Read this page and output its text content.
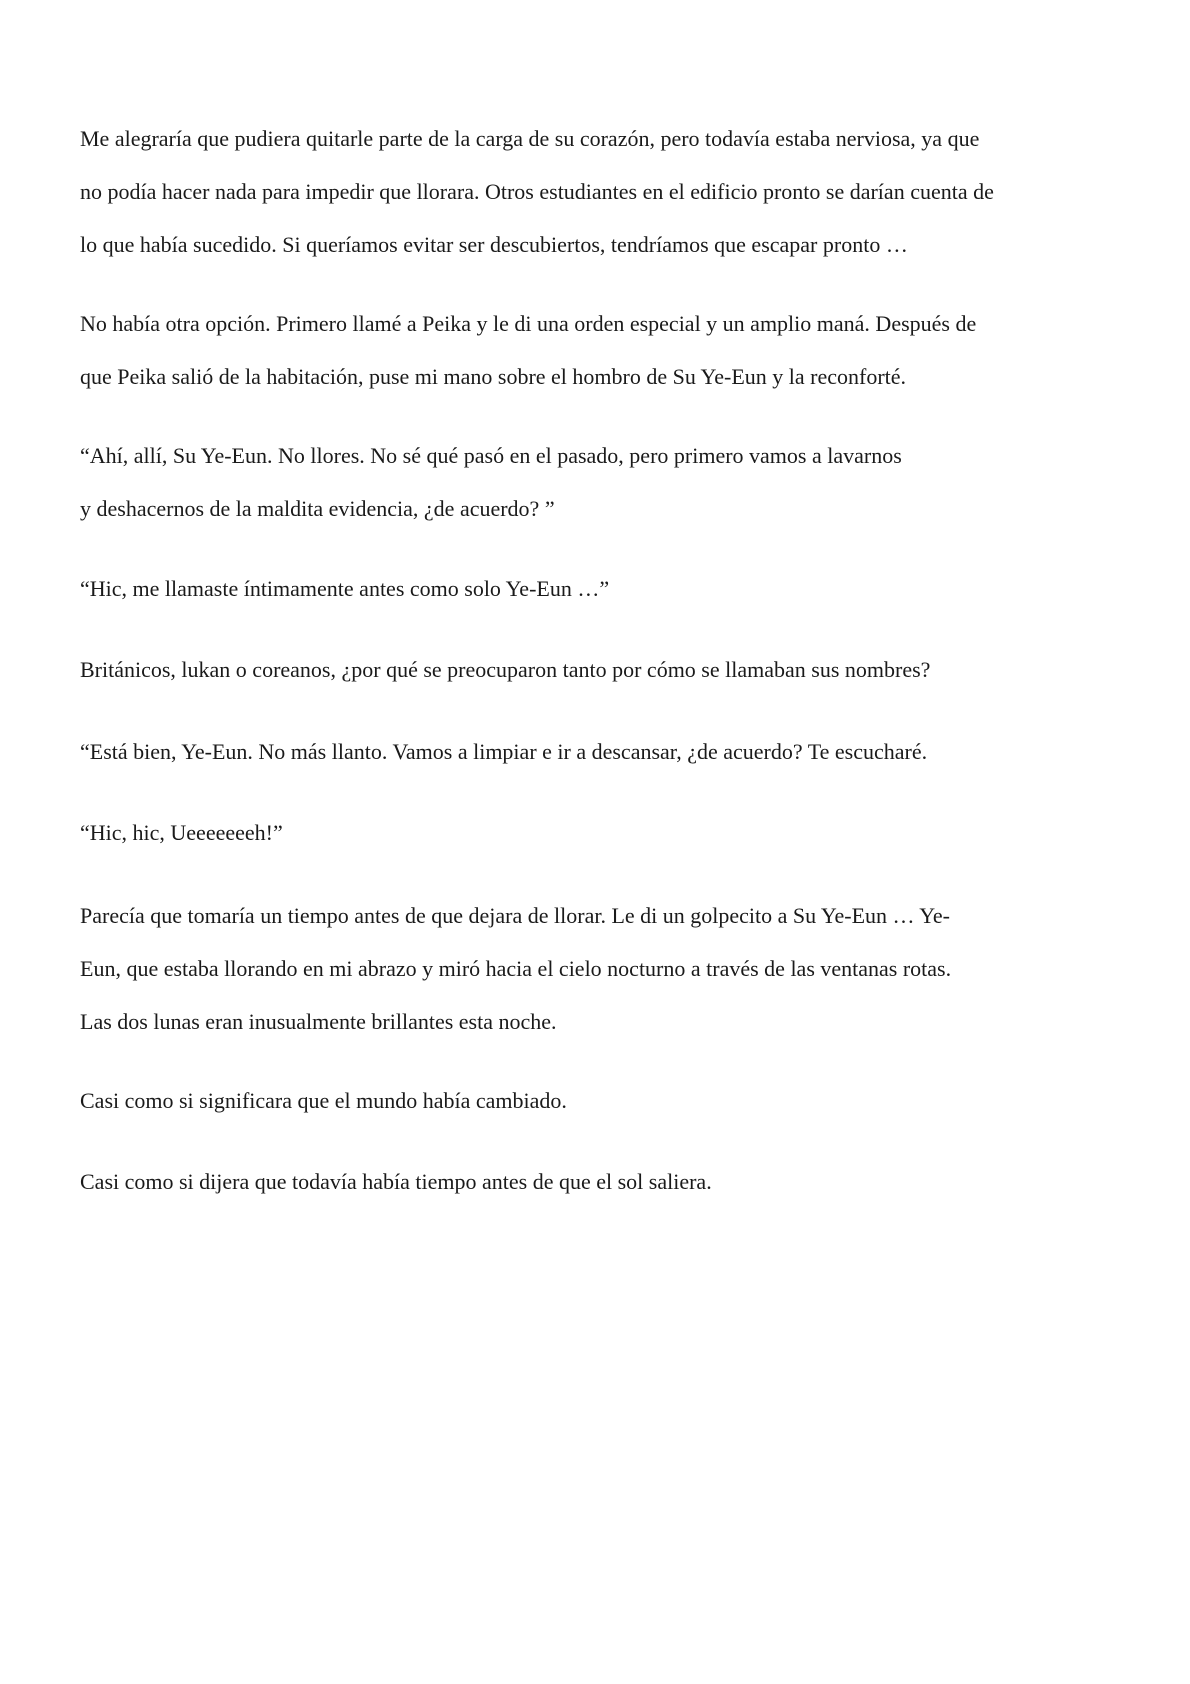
Me alegraría que pudiera quitarle parte de la carga de su corazón, pero todavía estaba nerviosa, ya que
no podía hacer nada para impedir que llorara. Otros estudiantes en el edificio pronto se darían cuenta de
lo que había sucedido. Si queríamos evitar ser descubiertos, tendríamos que escapar pronto …
No había otra opción. Primero llamé a Peika y le di una orden especial y un amplio maná. Después de
que Peika salió de la habitación, puse mi mano sobre el hombro de Su Ye-Eun y la reconforté.
“Ahí, allí, Su Ye-Eun. No llores. No sé qué pasó en el pasado, pero primero vamos a lavarnos
y deshacernos de la maldita evidencia, ¿de acuerdo? ”
“Hic, me llamaste íntimamente antes como solo Ye-Eun …”
Británicos, lukan o coreanos, ¿por qué se preocuparon tanto por cómo se llamaban sus nombres?
“Está bien, Ye-Eun. No más llanto. Vamos a limpiar e ir a descansar, ¿de acuerdo? Te escucharé.
“Hic, hic, Ueeeeeeeh!”
Parecía que tomaría un tiempo antes de que dejara de llorar. Le di un golpecito a Su Ye-Eun … Ye-
Eun, que estaba llorando en mi abrazo y miró hacia el cielo nocturno a través de las ventanas rotas.
Las dos lunas eran inusualmente brillantes esta noche.
Casi como si significara que el mundo había cambiado.
Casi como si dijera que todavía había tiempo antes de que el sol saliera.
